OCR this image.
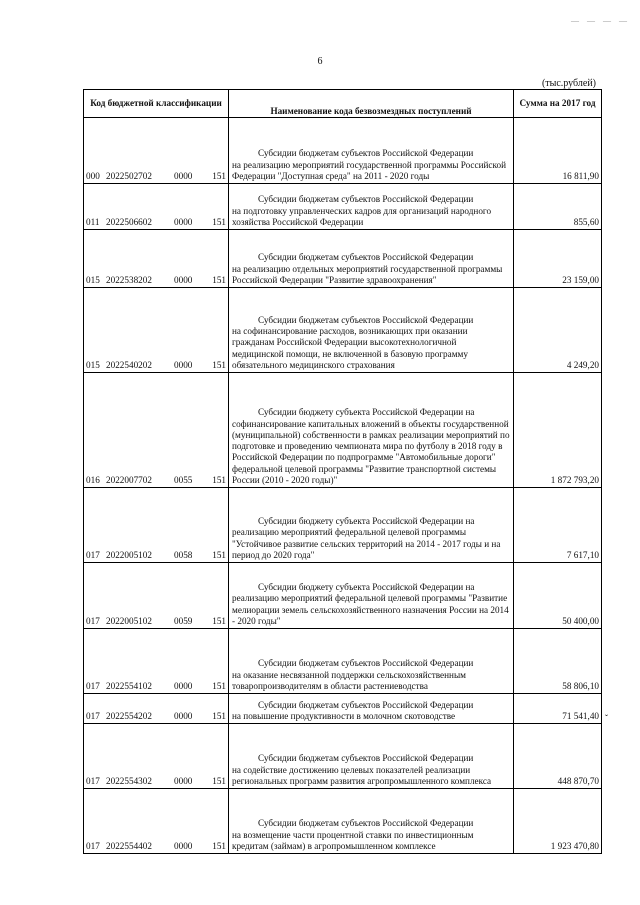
— — — —
6
(тыс.рублей)
Код бюджетной классификации	Наименование кода безвозмездных поступлений	Сумма на 2017 год
000 2022502702 0000 151	Субсидии бюджетам субъектов Российской Федерации
на реализацию мероприятий государственной программы Российской Федерации "Доступная среда" на 2011 - 2020 годы	16 811,90
011 2022506602 0000 151	Субсидии бюджетам субъектов Российской Федерации
на подготовку управленческих кадров для организаций народного хозяйства Российской Федерации	855,60
015 2022538202 0000 151	Субсидии бюджетам субъектов Российской Федерации
на реализацию отдельных мероприятий государственной программы Российской Федерации "Развитие здравоохранения"	23 159,00
015 2022540202 0000 151	Субсидии бюджетам субъектов Российской Федерации
на софинансирование расходов, возникающих при оказании гражданам Российской Федерации высокотехнологичной медицинской помощи, не включенной в базовую программу обязательного медицинского страхования	4 249,20
016 2022007702 0055 151	Субсидии бюджету субъекта Российской Федерации на
софинансирование капитальных вложений в объекты государственной (муниципальной) собственности в рамках реализации мероприятий по подготовке и проведению чемпионата мира по футболу в 2018 году в Российской Федерации по подпрограмме "Автомобильные дороги" федеральной целевой программы "Развитие транспортной системы России (2010 - 2020 годы)"	1 872 793,20
017 2022005102 0058 151	Субсидии бюджету субъекта Российской Федерации на
реализацию мероприятий федеральной целевой программы "Устойчивое развитие сельских территорий на 2014 - 2017 годы и на период до 2020 года"	7 617,10
017 2022005102 0059 151	Субсидии бюджету субъекта Российской Федерации на
реализацию мероприятий федеральной целевой программы "Развитие мелиорации земель сельскохозяйственного назначения России на 2014 - 2020 годы"	50 400,00
017 2022554102 0000 151	Субсидии бюджетам субъектов Российской Федерации
на оказание несвязанной поддержки сельскохозяйственным товаропроизводителям в области растениеводства	58 806,10
017 2022554202 0000 151	Субсидии бюджетам субъектов Российской Федерации
на повышение продуктивности в молочном скотоводстве	71 541,40
017 2022554302 0000 151	Субсидии бюджетам субъектов Российской Федерации
на содействие достижению целевых показателей реализации региональных программ развития агропромышленного комплекса	448 870,70
017 2022554402 0000 151	Субсидии бюджетам субъектов Российской Федерации
на возмещение части процентной ставки по инвестиционным кредитам (займам) в агропромышленном комплексе	1 923 470,80
ˇ
